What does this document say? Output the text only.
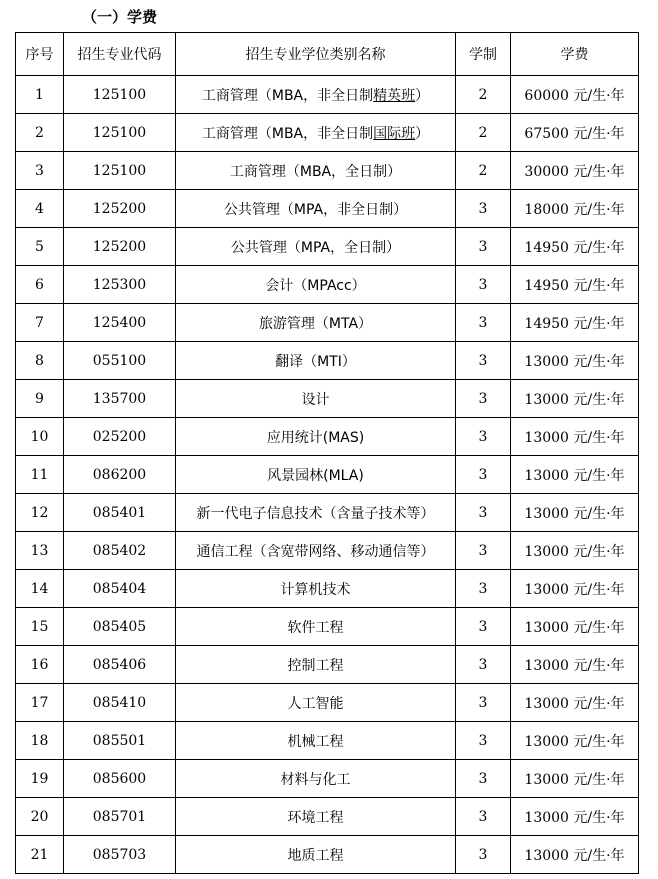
（一）学费
序号	招生专业代码	招生专业学位类别名称	学制	学费
1	125100	工商管理（MBA，非全日制精英班）	2	60000 元/生·年
2	125100	工商管理（MBA，非全日制国际班）	2	67500 元/生·年
3	125100	工商管理（MBA，全日制）	2	30000 元/生·年
4	125200	公共管理（MPA，非全日制）	3	18000 元/生·年
5	125200	公共管理（MPA，全日制）	3	14950 元/生·年
6	125300	会计（MPAcc）	3	14950 元/生·年
7	125400	旅游管理（MTA）	3	14950 元/生·年
8	055100	翻译（MTI）	3	13000 元/生·年
9	135700	设计	3	13000 元/生·年
10	025200	应用统计(MAS)	3	13000 元/生·年
11	086200	风景园林(MLA)	3	13000 元/生·年
12	085401	新一代电子信息技术（含量子技术等）	3	13000 元/生·年
13	085402	通信工程（含宽带网络、移动通信等）	3	13000 元/生·年
14	085404	计算机技术	3	13000 元/生·年
15	085405	软件工程	3	13000 元/生·年
16	085406	控制工程	3	13000 元/生·年
17	085410	人工智能	3	13000 元/生·年
18	085501	机械工程	3	13000 元/生·年
19	085600	材料与化工	3	13000 元/生·年
20	085701	环境工程	3	13000 元/生·年
21	085703	地质工程	3	13000 元/生·年
